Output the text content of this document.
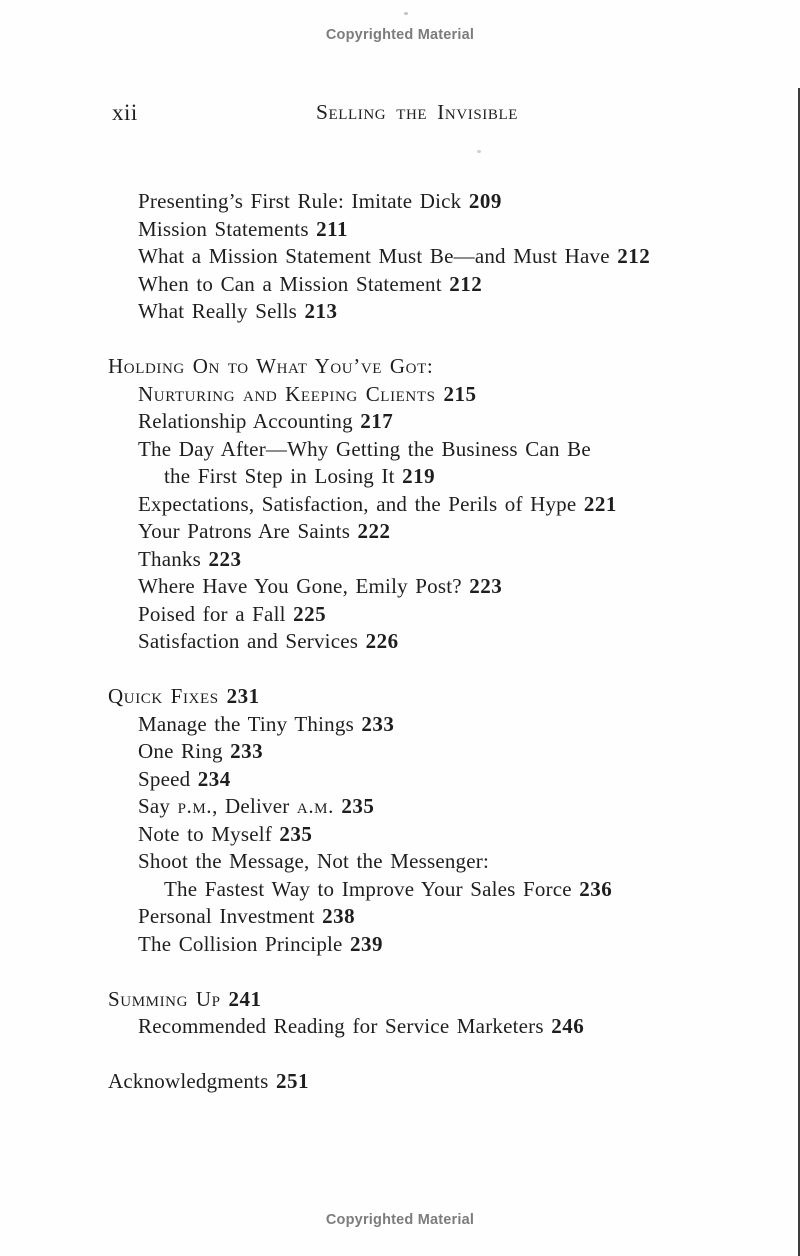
Copyrighted Material
xii	Selling the Invisible
Presenting’s First Rule: Imitate Dick 209
Mission Statements 211
What a Mission Statement Must Be—and Must Have 212
When to Can a Mission Statement 212
What Really Sells 213
Holding On to What You’ve Got:
Nurturing and Keeping Clients 215
Relationship Accounting 217
The Day After—Why Getting the Business Can Be
the First Step in Losing It 219
Expectations, Satisfaction, and the Perils of Hype 221
Your Patrons Are Saints 222
Thanks 223
Where Have You Gone, Emily Post? 223
Poised for a Fall 225
Satisfaction and Services 226
Quick Fixes 231
Manage the Tiny Things 233
One Ring 233
Speed 234
Say p.m., Deliver a.m. 235
Note to Myself 235
Shoot the Message, Not the Messenger:
The Fastest Way to Improve Your Sales Force 236
Personal Investment 238
The Collision Principle 239
Summing Up 241
Recommended Reading for Service Marketers 246
Acknowledgments 251
Copyrighted Material
